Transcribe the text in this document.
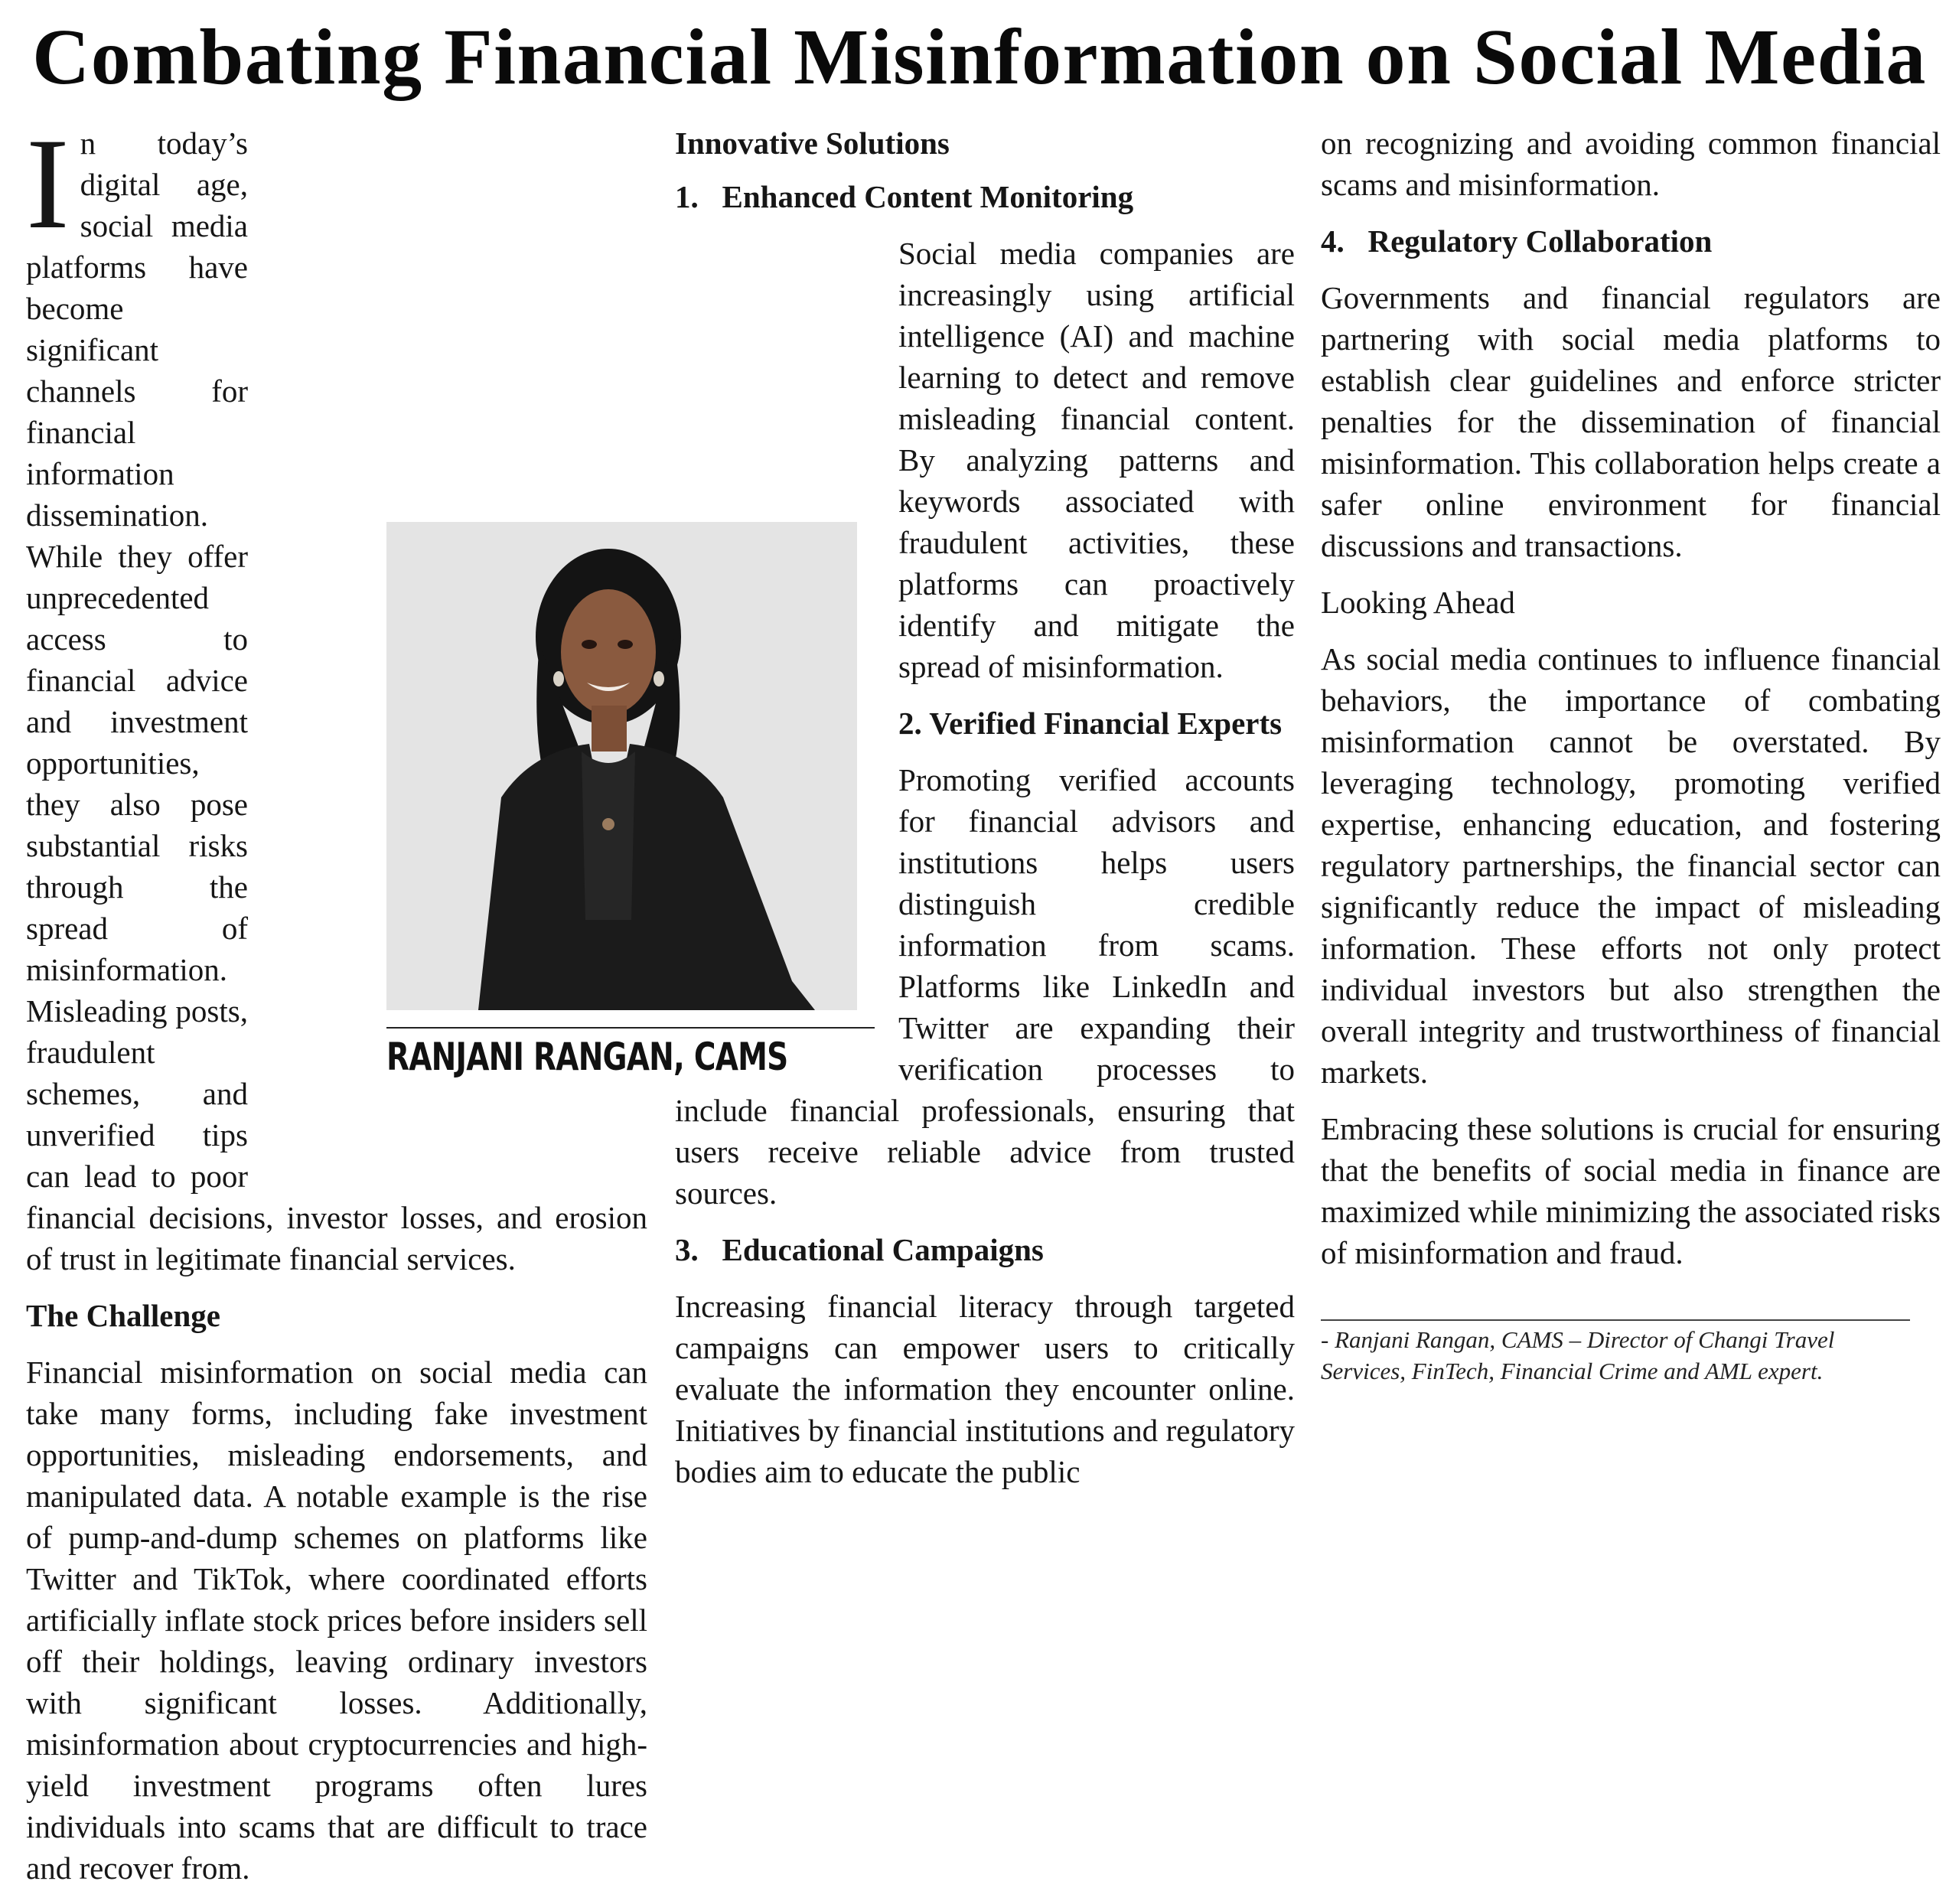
Combating Financial Misinformation on Social Media

In today’s digital age, social media platforms have become significant channels for financial information dissemination. While they offer unprecedented access to financial advice and investment opportunities, they also pose substantial risks through the spread of misinformation. Misleading posts, fraudulent schemes, and unverified tips can lead to poor financial decisions, investor losses, and erosion of trust in legitimate financial services.

The Challenge

Financial misinformation on social media can take many forms, including fake investment opportunities, misleading endorsements, and manipulated data. A notable example is the rise of pump-and-dump schemes on platforms like Twitter and TikTok, where coordinated efforts artificially inflate stock prices before insiders sell off their holdings, leaving ordinary investors with significant losses. Additionally, misinformation about cryptocurrencies and high-yield investment programs often lures individuals into scams that are difficult to trace and recover from.

Innovative Solutions
1.   Enhanced Content Monitoring

Social media companies are increasingly using artificial intelligence (AI) and machine learning to detect and remove misleading financial content. By analyzing patterns and keywords associated with fraudulent activities, these platforms can proactively identify and mitigate the spread of misinformation.

2. Verified Financial Experts

Promoting verified accounts for financial advisors and institutions helps users distinguish credible information from scams. Platforms like LinkedIn and Twitter are expanding their verification processes to include financial professionals, ensuring that users receive reliable advice from trusted sources.

3.   Educational Campaigns

Increasing financial literacy through targeted campaigns can empower users to critically evaluate the information they encounter online. Initiatives by financial institutions and regulatory bodies aim to educate the public

on recognizing and avoiding common financial scams and misinformation.

4.   Regulatory Collaboration

Governments and financial regulators are partnering with social media platforms to establish clear guidelines and enforce stricter penalties for the dissemination of financial misinformation. This collaboration helps create a safer online environment for financial discussions and transactions.

Looking Ahead

As social media continues to influence financial behaviors, the importance of combating misinformation cannot be overstated. By leveraging technology, promoting verified expertise, enhancing education, and fostering regulatory partnerships, the financial sector can significantly reduce the impact of misleading information. These efforts not only protect individual investors but also strengthen the overall integrity and trustworthiness of financial markets.

Embracing these solutions is crucial for ensuring that the benefits of social media in finance are maximized while minimizing the associated risks of misinformation and fraud.

RANJANI RANGAN, CAMS
- Ranjani Rangan, CAMS – Director of Changi Travel Services, FinTech, Financial Crime and AML expert.
